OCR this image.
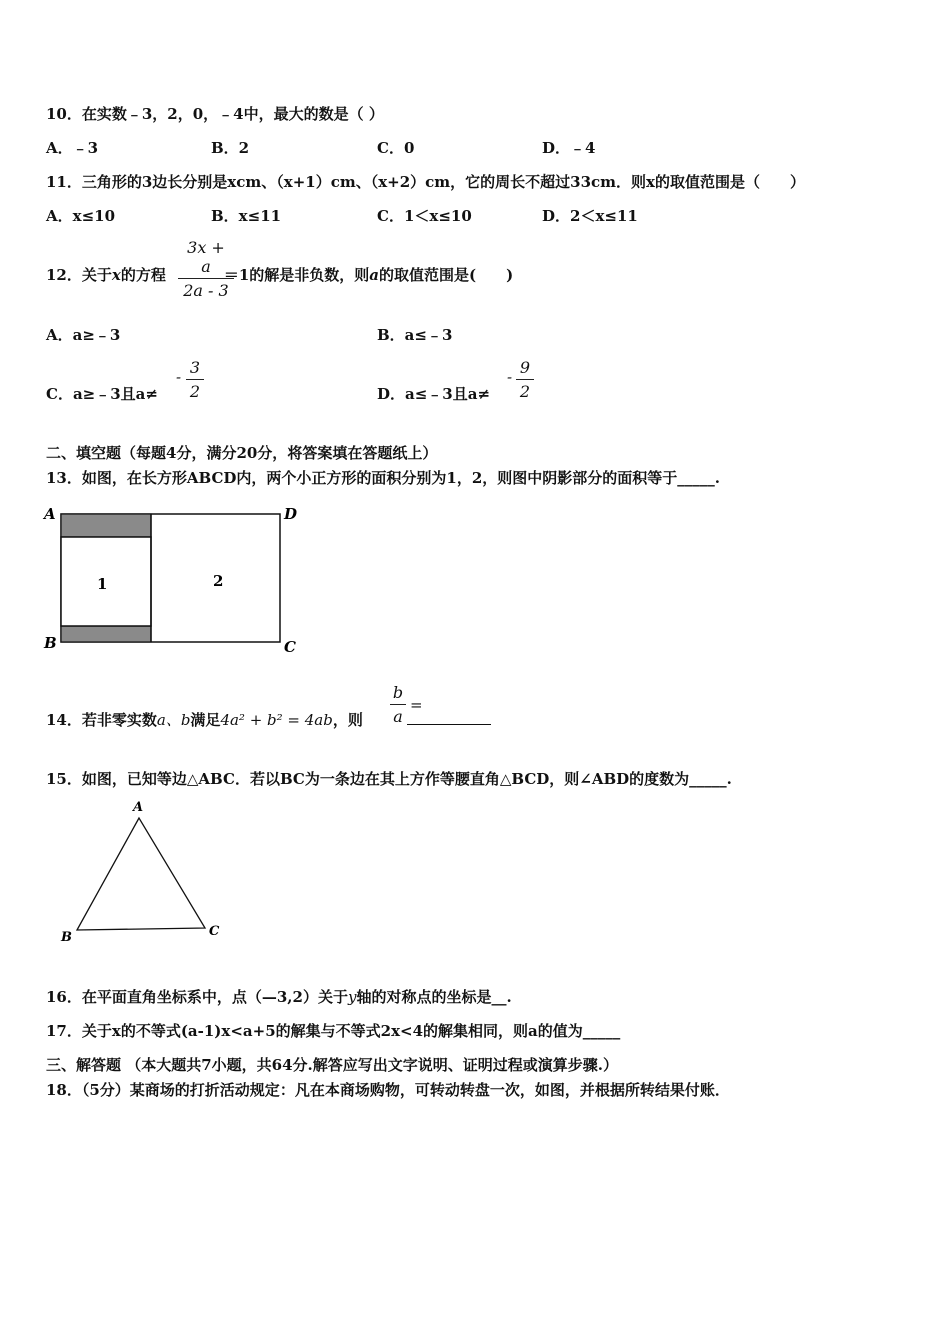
10．在实数﹣3，2，0，﹣4中，最大的数是（ ）
A．﹣3	B．2	C．0	D．﹣4
11．三角形的3边长分别是xcm、（x+1）cm、（x+2）cm，它的周长不超过33cm．则x的取值范围是（　　）
A．x≤10	B．x≤11	C．1＜x≤10	D．2＜x≤11
12．关于x的方程	＝1的解是非负数，则a的取值范围是(　　)
3x + a
2a - 3
A．a≥﹣3	B．a≤﹣3
C．a≥﹣3且a≠
- 3
2	D．a≤﹣3且a≠
- 9
2
二、填空题（每题4分，满分20分，将答案填在答题纸上）
13．如图，在长方形ABCD内，两个小正方形的面积分别为1，2，则图中阴影部分的面积等于_____.
A	D
B	C
1	2
14．若非零实数a、b满足4a² + b² = 4ab，则
b
a
=
15．如图，已知等边△ABC．若以BC为一条边在其上方作等腰直角△BCD，则∠ABD的度数为_____.
A
B	C
16．在平面直角坐标系中，点（—3,2）关于y轴的对称点的坐标是__.
17．关于x的不等式(a-1)x<a+5的解集与不等式2x<4的解集相同，则a的值为_____
三、解答题 （本大题共7小题，共64分.解答应写出文字说明、证明过程或演算步骤.）
18．（5分）某商场的打折活动规定：凡在本商场购物，可转动转盘一次，如图，并根据所转结果付账．
